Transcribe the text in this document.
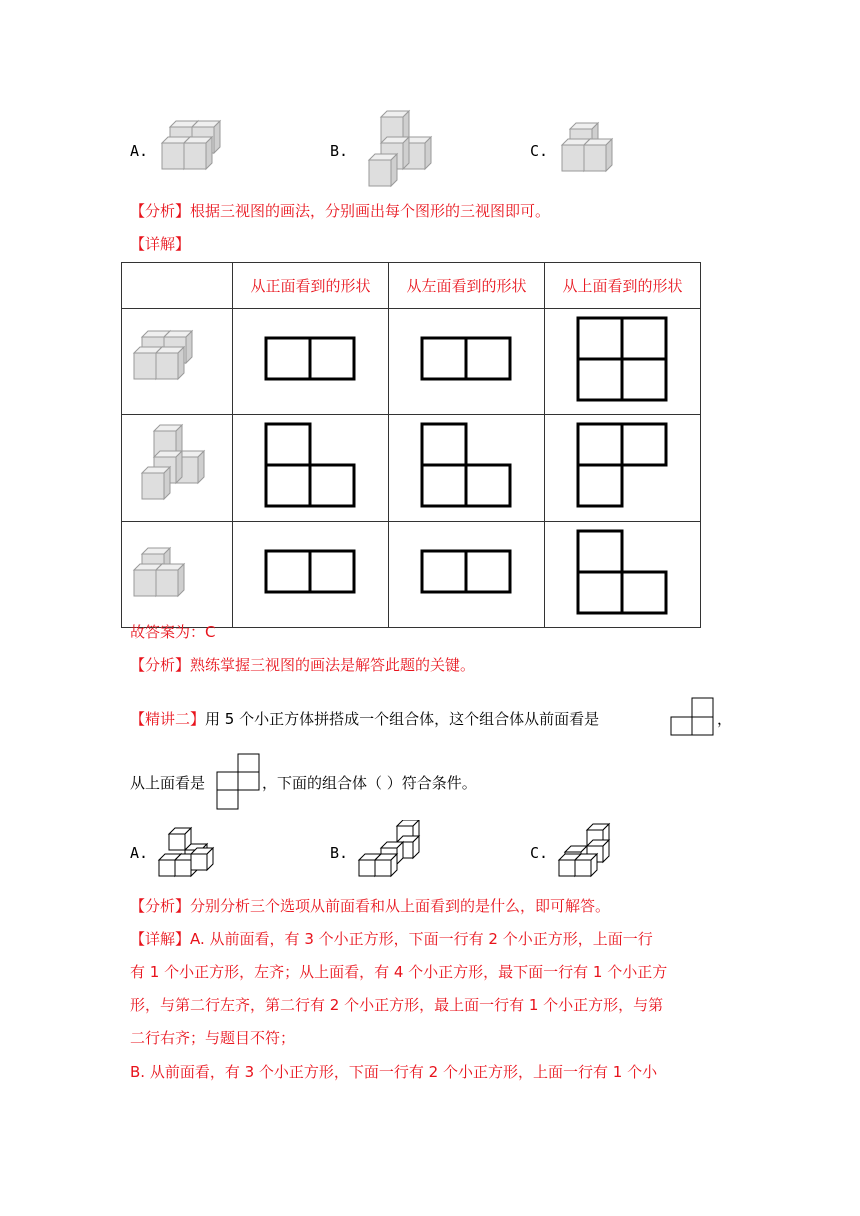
A.	B.	C.
【分析】根据三视图的画法，分别画出每个图形的三视图即可。
【详解】
	从正面看到的形状	从左面看到的形状	从上面看到的形状

故答案为：C
【分析】熟练掌握三视图的画法是解答此题的关键。
【精讲二】用 5 个小正方体拼搭成一个组合体，这个组合体从前面看是	，
从上面看是	，下面的组合体（ ）符合条件。
A.	B.	C.
【分析】分别分析三个选项从前面看和从上面看到的是什么，即可解答。
【详解】A. 从前面看，有 3 个小正方形，下面一行有 2 个小正方形，上面一行
有 1 个小正方形，左齐；从上面看，有 4 个小正方形，最下面一行有 1 个小正方
形，与第二行左齐，第二行有 2 个小正方形，最上面一行有 1 个小正方形，与第
二行右齐；与题目不符；
B. 从前面看，有 3 个小正方形，下面一行有 2 个小正方形，上面一行有 1 个小
